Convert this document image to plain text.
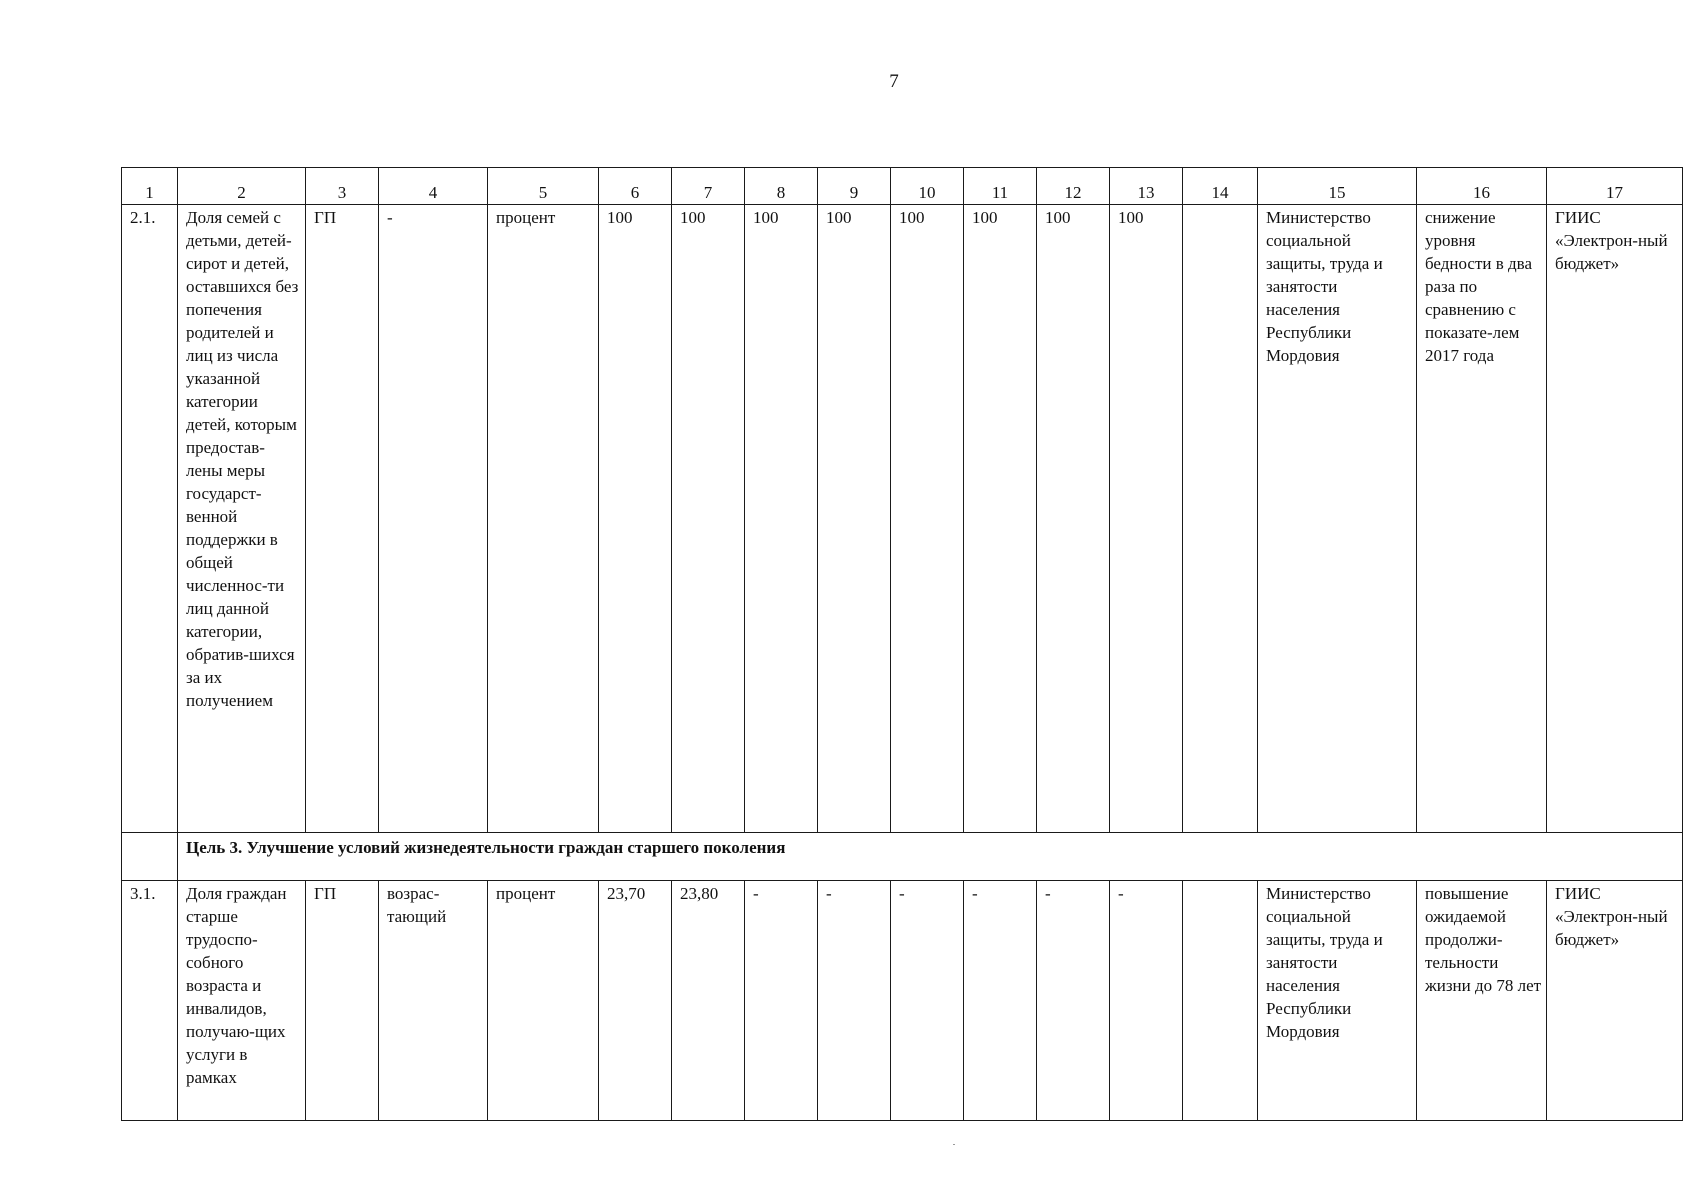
7
1	2	3	4	5	6	7	8	9	10	11	12	13	14	15	16	17
2.1.	Доля семей с детьми, детей-сирот и детей, оставшихся без попечения родителей и лиц из числа указанной категории детей, которым предостав-лены меры государст-венной поддержки в общей численнос-ти лиц данной категории, обратив-шихся за их получением	ГП	-	процент	100	100	100	100	100	100	100	100		Министерство социальной защиты, труда и занятости населения Республики Мордовия	снижение уровня бедности в два раза по сравнению с показате-лем 2017 года	ГИИС «Электрон-ный бюджет»
	Цель 3. Улучшение условий жизнедеятельности граждан старшего поколения															
3.1.	Доля граждан старше трудоспо-собного возраста и инвалидов, получаю-щих услуги в рамках	ГП	возрас-тающий	процент	23,70	23,80	-	-	-	-	-	-		Министерство социальной защиты, труда и занятости населения Республики Мордовия	повышение ожидаемой продолжи-тельности жизни до 78 лет	ГИИС «Электрон-ный бюджет»
